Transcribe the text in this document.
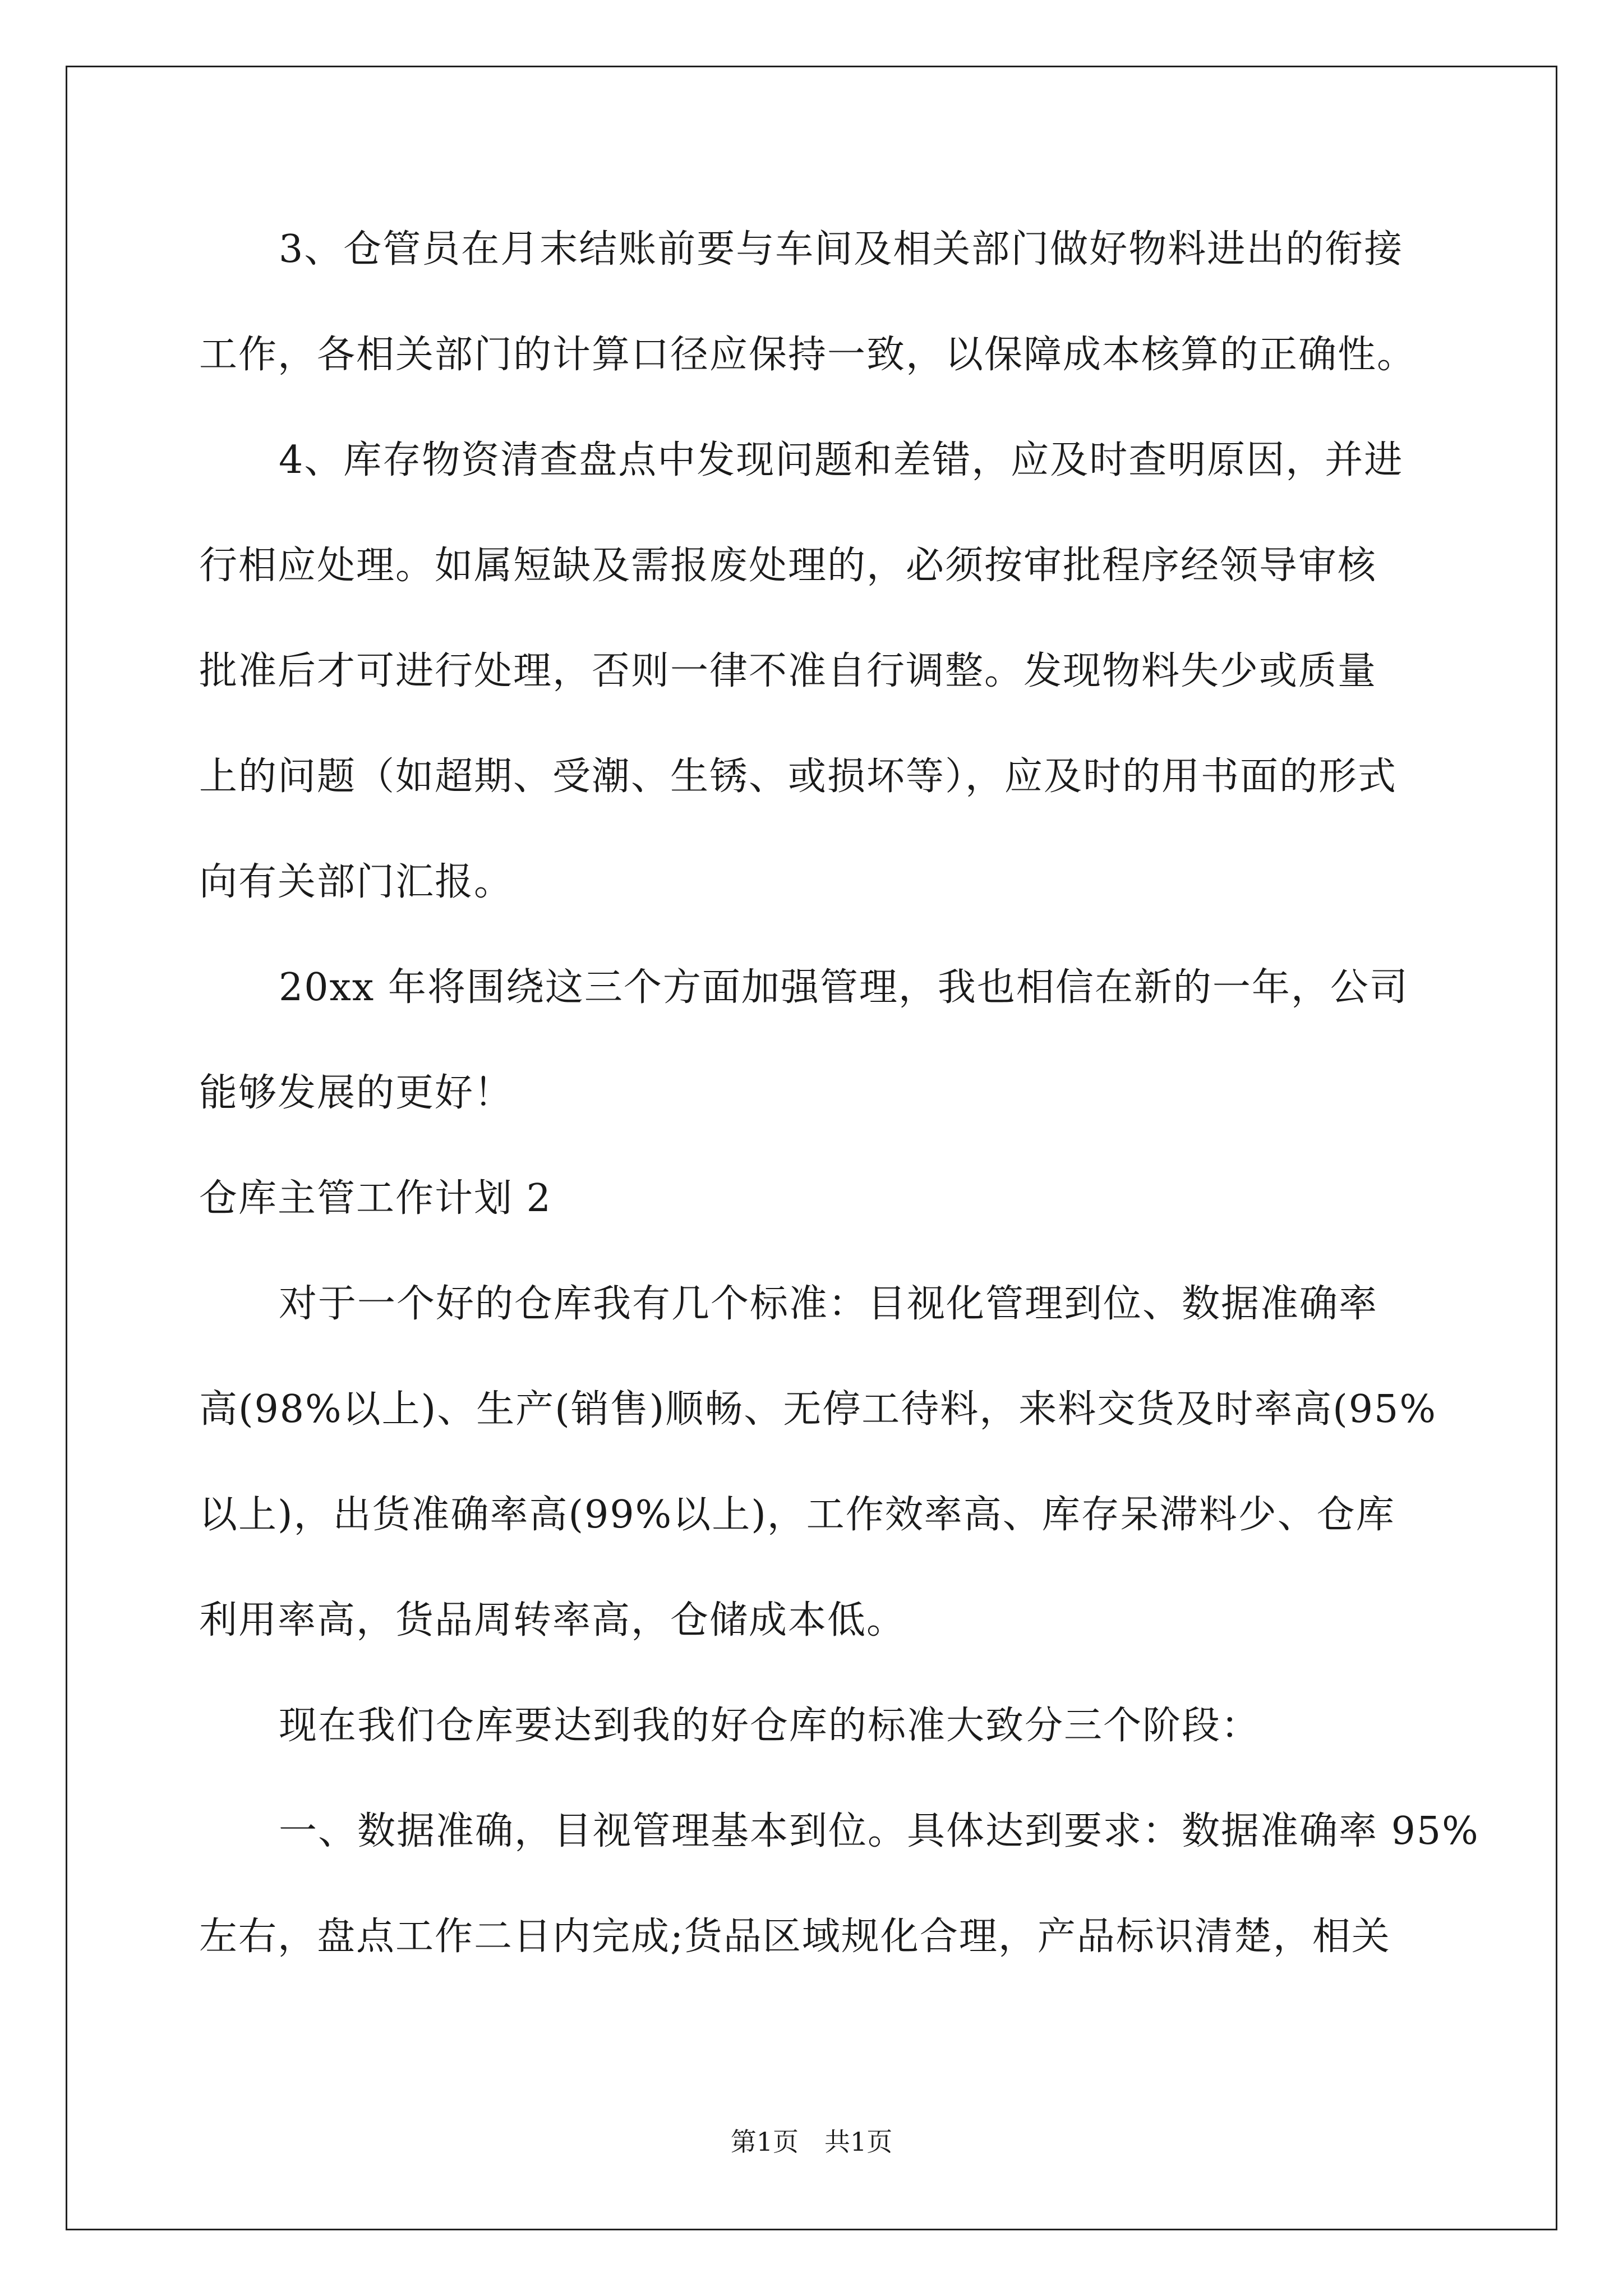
3、仓管员在月末结账前要与车间及相关部门做好物料进出的衔接
工作，各相关部门的计算口径应保持一致，以保障成本核算的正确性。
4、库存物资清查盘点中发现问题和差错，应及时查明原因，并进
行相应处理。如属短缺及需报废处理的，必须按审批程序经领导审核
批准后才可进行处理，否则一律不准自行调整。发现物料失少或质量
上的问题（如超期、受潮、生锈、或损坏等），应及时的用书面的形式
向有关部门汇报。
20xx 年将围绕这三个方面加强管理，我也相信在新的一年，公司
能够发展的更好！
仓库主管工作计划 2
对于一个好的仓库我有几个标准：目视化管理到位、数据准确率
高(98%以上)、生产(销售)顺畅、无停工待料，来料交货及时率高(95%
以上)，出货准确率高(99%以上)，工作效率高、库存呆滞料少、仓库
利用率高，货品周转率高，仓储成本低。
现在我们仓库要达到我的好仓库的标准大致分三个阶段：
一、数据准确，目视管理基本到位。具体达到要求：数据准确率 95%
左右，盘点工作二日内完成;货品区域规化合理，产品标识清楚，相关
第1页　共1页
